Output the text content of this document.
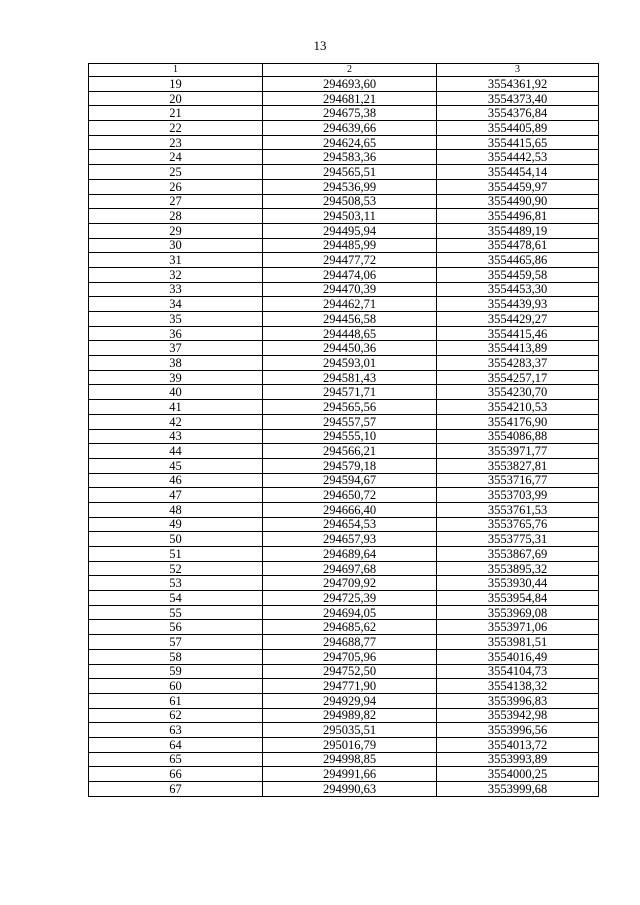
13
1	2	3
19	294693,60	3554361,92
20	294681,21	3554373,40
21	294675,38	3554376,84
22	294639,66	3554405,89
23	294624,65	3554415,65
24	294583,36	3554442,53
25	294565,51	3554454,14
26	294536,99	3554459,97
27	294508,53	3554490,90
28	294503,11	3554496,81
29	294495,94	3554489,19
30	294485,99	3554478,61
31	294477,72	3554465,86
32	294474,06	3554459,58
33	294470,39	3554453,30
34	294462,71	3554439,93
35	294456,58	3554429,27
36	294448,65	3554415,46
37	294450,36	3554413,89
38	294593,01	3554283,37
39	294581,43	3554257,17
40	294571,71	3554230,70
41	294565,56	3554210,53
42	294557,57	3554176,90
43	294555,10	3554086,88
44	294566,21	3553971,77
45	294579,18	3553827,81
46	294594,67	3553716,77
47	294650,72	3553703,99
48	294666,40	3553761,53
49	294654,53	3553765,76
50	294657,93	3553775,31
51	294689,64	3553867,69
52	294697,68	3553895,32
53	294709,92	3553930,44
54	294725,39	3553954,84
55	294694,05	3553969,08
56	294685,62	3553971,06
57	294688,77	3553981,51
58	294705,96	3554016,49
59	294752,50	3554104,73
60	294771,90	3554138,32
61	294929,94	3553996,83
62	294989,82	3553942,98
63	295035,51	3553996,56
64	295016,79	3554013,72
65	294998,85	3553993,89
66	294991,66	3554000,25
67	294990,63	3553999,68
